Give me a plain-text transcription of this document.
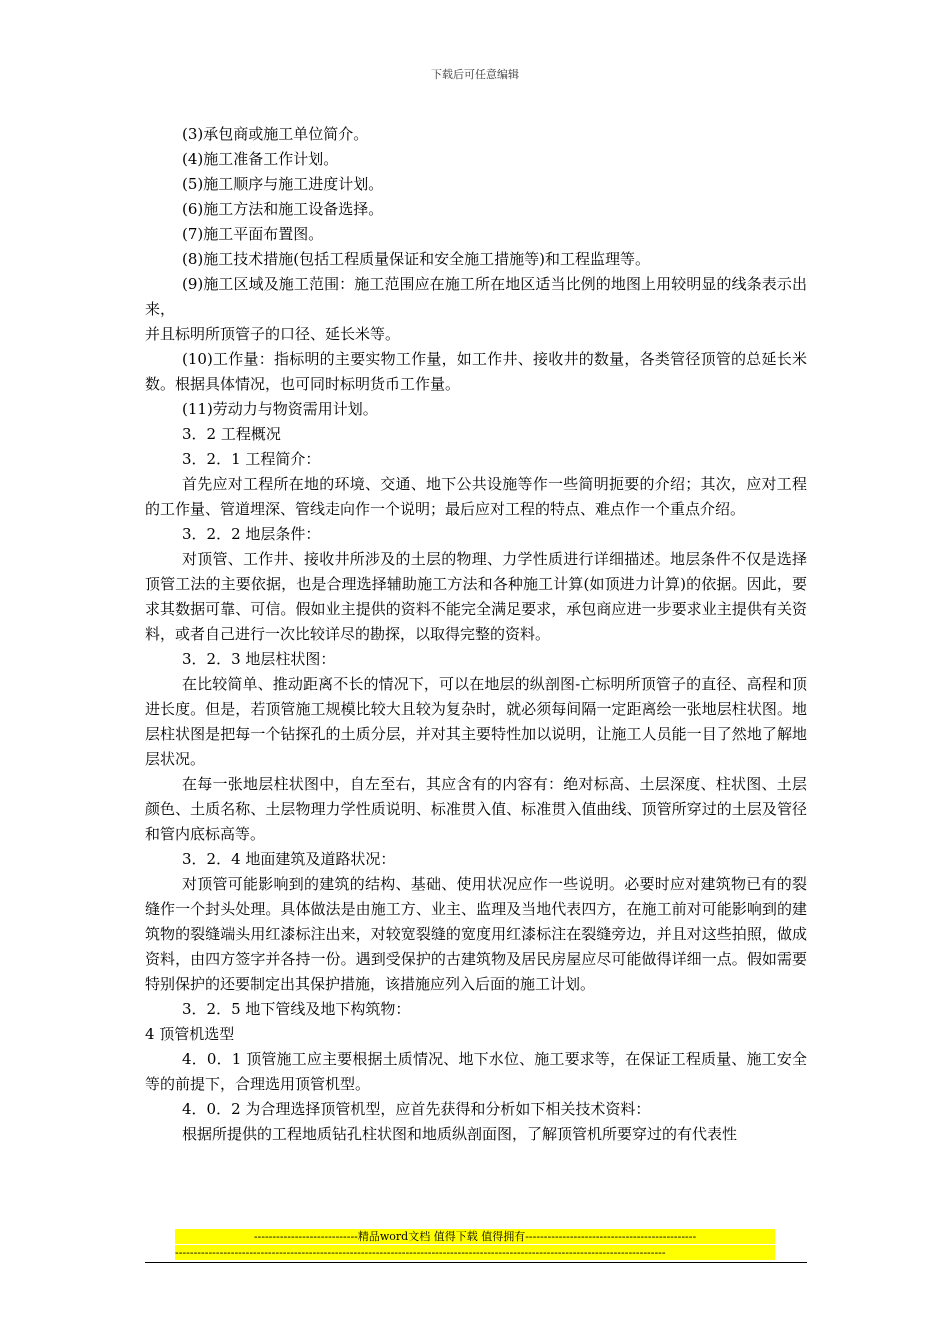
下载后可任意编辑

(3)承包商或施工单位简介。

(4)施工准备工作计划。

(5)施工顺序与施工进度计划。

(6)施工方法和施工设备选择。

(7)施工平面布置图。

(8)施工技术措施(包括工程质量保证和安全施工措施等)和工程监理等。

(9)施工区域及施工范围：施工范围应在施工所在地区适当比例的地图上用较明显的线条表示出来，

并且标明所顶管子的口径、延长米等。

(10)工作量：指标明的主要实物工作量，如工作井、接收井的数量，各类管径顶管的总延长米数。根据具体情况，也可同时标明货币工作量。

(11)劳动力与物资需用计划。

3．2 工程概况

3．2．1 工程简介：

首先应对工程所在地的环境、交通、地下公共设施等作一些简明扼要的介绍；其次，应对工程的工作量、管道埋深、管线走向作一个说明；最后应对工程的特点、难点作一个重点介绍。

3．2．2 地层条件：

对顶管、工作井、接收井所涉及的土层的物理、力学性质进行详细描述。地层条件不仅是选择顶管工法的主要依据，也是合理选择辅助施工方法和各种施工计算(如顶进力计算)的依据。因此，要求其数据可靠、可信。假如业主提供的资料不能完全满足要求，承包商应进一步要求业主提供有关资料，或者自己进行一次比较详尽的勘探，以取得完整的资料。

3．2．3 地层柱状图：

在比较简单、推动距离不长的情况下，可以在地层的纵剖图-亡标明所顶管子的直径、高程和顶进长度。但是，若顶管施工规模比较大且较为复杂时，就必须每间隔一定距离绘一张地层柱状图。地层柱状图是把每一个钻探孔的土质分层，并对其主要特性加以说明，让施工人员能一目了然地了解地层状况。

在每一张地层柱状图中，自左至右，其应含有的内容有：绝对标高、土层深度、柱状图、土层颜色、土质名称、土层物理力学性质说明、标准贯入值、标准贯入值曲线、顶管所穿过的土层及管径和管内底标高等。

3．2．4 地面建筑及道路状况：

对顶管可能影响到的建筑的结构、基础、使用状况应作一些说明。必要时应对建筑物已有的裂缝作一个封头处理。具体做法是由施工方、业主、监理及当地代表四方，在施工前对可能影响到的建筑物的裂缝端头用红漆标注出来，对较宽裂缝的宽度用红漆标注在裂缝旁边，并且对这些拍照，做成资料，由四方签字并各持一份。遇到受保护的古建筑物及居民房屋应尽可能做得详细一点。假如需要特别保护的还要制定出其保护措施，该措施应列入后面的施工计划。

3．2．5 地下管线及地下构筑物：

4 顶管机选型

4．0．1 顶管施工应主要根据土质情况、地下水位、施工要求等，在保证工程质量、施工安全等的前提下，合理选用顶管机型。

4．0．2 为合理选择顶管机型，应首先获得和分析如下相关技术资料：

根据所提供的工程地质钻孔柱状图和地质纵剖面图，了解顶管机所要穿过的有代表性

----------------------------精品word文档 值得下载 值得拥有----------------------------------------------
------------------------------------------------------------------------------------------------------------------------------------
